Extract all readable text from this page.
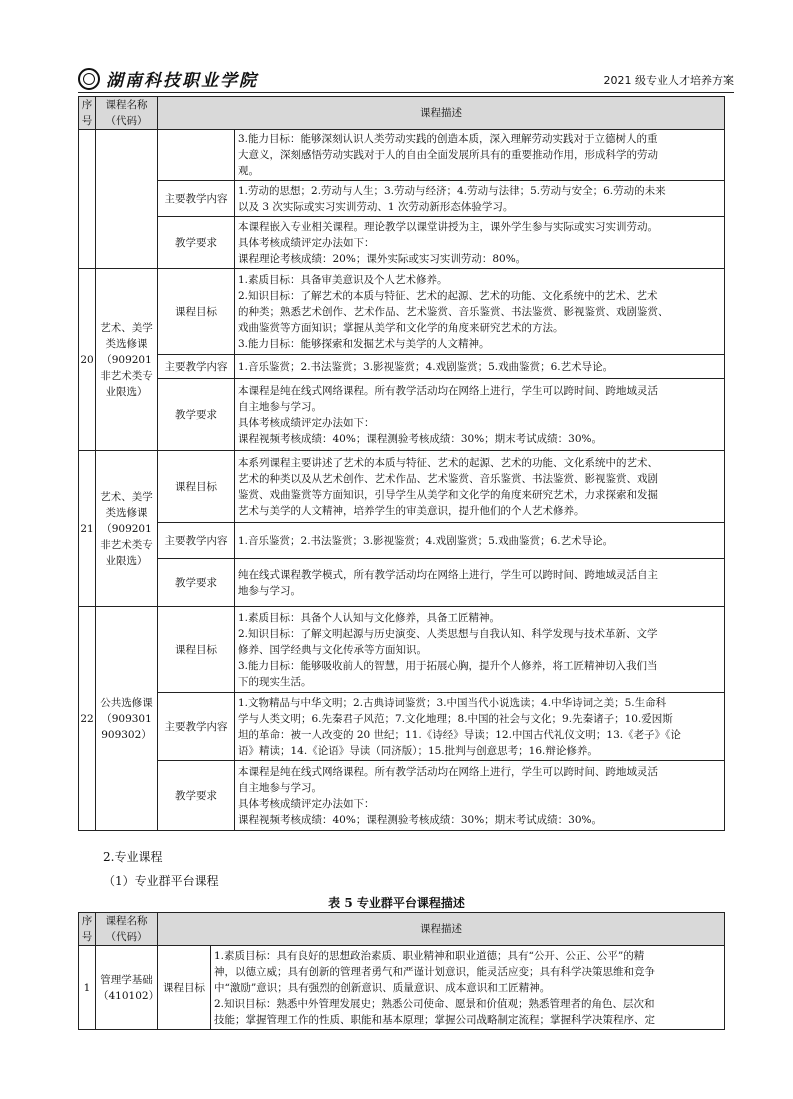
湖南科技职业学院	2021 级专业人才培养方案
序号	课程名称（代码）	课程描述	

			3.能力目标：能够深刻认识人类劳动实践的创造本质，深入理解劳动实践对于立德树人的重
大意义，深刻感悟劳动实践对于人的自由全面发展所具有的重要推动作用，形成科学的劳动
观。

		主要教学内容	1.劳动的思想；2.劳动与人生；3.劳动与经济；4.劳动与法律；5.劳动与安全；6.劳动的未来
以及 3 次实际或实习实训劳动、1 次劳动新形态体验学习。

		教学要求	本课程嵌入专业相关课程。理论教学以课堂讲授为主，课外学生参与实际或实习实训劳动。
具体考核成绩评定办法如下：
课程理论考核成绩：20%；课外实际或实习实训劳动：80%。

20	艺术、美学类选修课（909201 非艺术类专业限选）	课程目标	1.素质目标：具备审美意识及个人艺术修养。
2.知识目标：了解艺术的本质与特征、艺术的起源、艺术的功能、文化系统中的艺术、艺术
的种类；熟悉艺术创作、艺术作品、艺术鉴赏、音乐鉴赏、书法鉴赏、影视鉴赏、戏剧鉴赏、
戏曲鉴赏等方面知识；掌握从美学和文化学的角度来研究艺术的方法。
3.能力目标：能够探索和发掘艺术与美学的人文精神。

		主要教学内容	1.音乐鉴赏；2.书法鉴赏；3.影视鉴赏；4.戏剧鉴赏；5.戏曲鉴赏；6.艺术导论。

		教学要求	本课程是纯在线式网络课程。所有教学活动均在网络上进行，学生可以跨时间、跨地域灵活
自主地参与学习。
具体考核成绩评定办法如下：
课程视频考核成绩：40%；课程测验考核成绩：30%；期末考试成绩：30%。

21	艺术、美学类选修课（909201 非艺术类专业限选）	课程目标	本系列课程主要讲述了艺术的本质与特征、艺术的起源、艺术的功能、文化系统中的艺术、
艺术的种类以及从艺术创作、艺术作品、艺术鉴赏、音乐鉴赏、书法鉴赏、影视鉴赏、戏剧
鉴赏、戏曲鉴赏等方面知识，引导学生从美学和文化学的角度来研究艺术，力求探索和发掘
艺术与美学的人文精神，培养学生的审美意识，提升他们的个人艺术修养。

		主要教学内容	1.音乐鉴赏；2.书法鉴赏；3.影视鉴赏；4.戏剧鉴赏；5.戏曲鉴赏；6.艺术导论。

		教学要求	纯在线式课程教学模式，所有教学活动均在网络上进行，学生可以跨时间、跨地域灵活自主
地参与学习。

22	公共选修课（909301 909302）	课程目标	1.素质目标：具备个人认知与文化修养，具备工匠精神。
2.知识目标：了解文明起源与历史演变、人类思想与自我认知、科学发现与技术革新、文学
修养、国学经典与文化传承等方面知识。
3.能力目标：能够吸收前人的智慧，用于拓展心胸，提升个人修养，将工匠精神切入我们当
下的现实生活。

		主要教学内容	1.文物精品与中华文明；2.古典诗词鉴赏；3.中国当代小说选读；4.中华诗词之美；5.生命科
学与人类文明；6.先秦君子风范；7.文化地理；8.中国的社会与文化；9.先秦诸子；10.爱因斯
坦的革命：被一人改变的 20 世纪；11.《诗经》导读；12.中国古代礼仪文明；13.《老子》《论
语》精读；14.《论语》导读（同济版）；15.批判与创意思考；16.辩论修养。

		教学要求	本课程是纯在线式网络课程。所有教学活动均在网络上进行，学生可以跨时间、跨地域灵活
自主地参与学习。
具体考核成绩评定办法如下：
课程视频考核成绩：40%；课程测验考核成绩：30%；期末考试成绩：30%。
2.专业课程
（1）专业群平台课程
表 5 专业群平台课程描述
序号	课程名称（代码）	课程描述	
1	管理学基础（410102）	课程目标	1.素质目标：具有良好的思想政治素质、职业精神和职业道德；具有“公开、公正、公平”的精
神，以德立威；具有创新的管理者勇气和严谨计划意识，能灵活应变；具有科学决策思维和竞争
中“激励”意识；具有强烈的创新意识、质量意识、成本意识和工匠精神。
2.知识目标：熟悉中外管理发展史；熟悉公司使命、愿景和价值观；熟悉管理者的角色、层次和
技能；掌握管理工作的性质、职能和基本原理；掌握公司战略制定流程；掌握科学决策程序、定
